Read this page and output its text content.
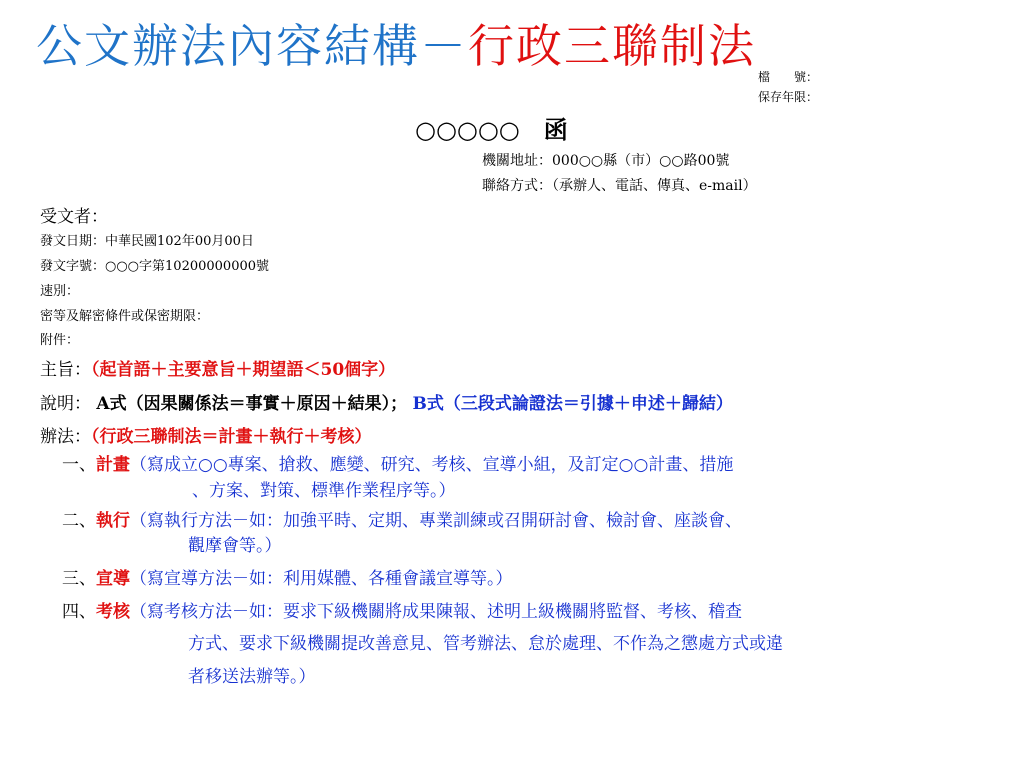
公文辦法內容結構－行政三聯制法
檔　　號：
保存年限：
○○○○○　函
機關地址：000○○縣（市）○○路00號
聯絡方式：（承辦人、電話、傳真、e-mail）
受文者：
發文日期：中華民國102年00月00日
發文字號：○○○字第10200000000號
速別：
密等及解密條件或保密期限：
附件：
主旨：（起首語＋主要意旨＋期望語＜50個字）
說明： A式（因果關係法＝事實＋原因＋結果）； B式（三段式論證法＝引據＋申述＋歸結）
辦法：（行政三聯制法＝計畫＋執行＋考核）
一、計畫（寫成立○○專案、搶救、應變、研究、考核、宣導小組，及訂定○○計畫、措施
、方案、對策、標準作業程序等。）
二、執行（寫執行方法－如：加強平時、定期、專業訓練或召開研討會、檢討會、座談會、
觀摩會等。）
三、宣導（寫宣導方法－如：利用媒體、各種會議宣導等。）
四、考核（寫考核方法－如：要求下級機關將成果陳報、述明上級機關將監督、考核、稽查
方式、要求下級機關提改善意見、管考辦法、怠於處理、不作為之懲處方式或違
者移送法辦等。）
